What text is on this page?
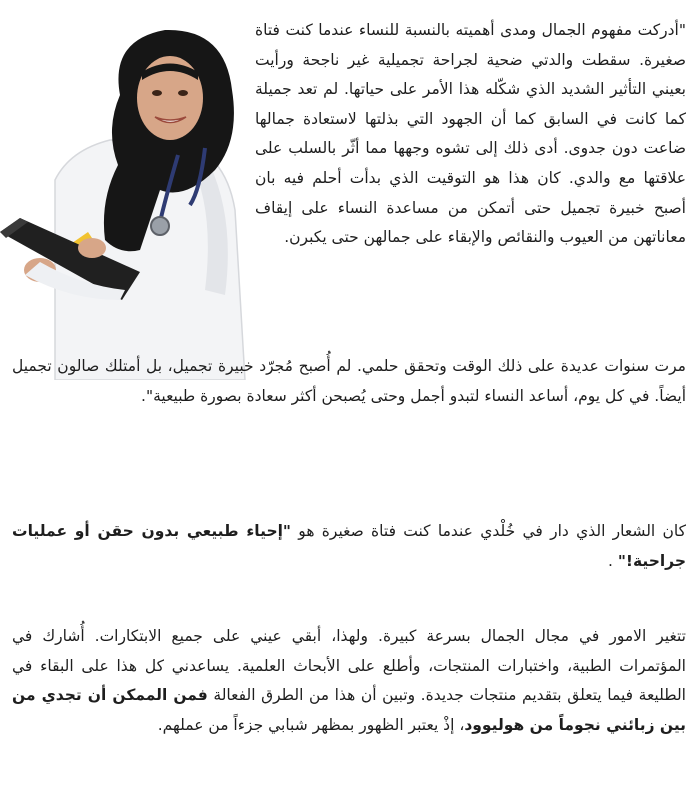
"أدركت مفهوم الجمال ومدى أهميته بالنسبة للنساء عندما كنت فتاة صغيرة. سقطت والدتي ضحية لجراحة تجميلية غير ناجحة ورأيت بعيني التأثير الشديد الذي شكّله هذا الأمر على حياتها. لم تعد جميلة كما كانت في السابق كما أن الجهود التي بذلتها لاستعادة جمالها ضاعت دون جدوى. أدى ذلك إلى تشوه وجهها مما أثّر بالسلب على علاقتها مع والدي. كان هذا هو التوقيت الذي بدأت أحلم فيه بان أصبح خبيرة تجميل حتى أتمكن من مساعدة النساء على إيقاف معاناتهن من العيوب والنقائص والإبقاء على جمالهن حتى يكبرن.
مرت سنوات عديدة على ذلك الوقت وتحقق حلمي. لم أُصبح مُجرّد خبيرة تجميل، بل أمتلك صالون تجميل أيضاً. في كل يوم، أساعد النساء لتبدو أجمل وحتى يُصبحن أكثر سعادة بصورة طبيعية".
كان الشعار الذي دار في خُلْدي عندما كنت فتاة صغيرة هو "إحياء طبيعي بدون حقن أو عمليات جراحية!" .
تتغير الامور في مجال الجمال بسرعة كبيرة. ولهذا، أبقي عيني على جميع الابتكارات. أُشارك في المؤتمرات الطبية، واختبارات المنتجات، وأطلع على الأبحاث العلمية. يساعدني كل هذا على البقاء في الطليعة فيما يتعلق بتقديم منتجات جديدة. وتبين أن هذا من الطرق الفعالة فمن الممكن أن تجدي من بين زبائني نجوماً من هوليوود، إذْ يعتبر الظهور بمظهر شبابي جزءاً من عملهم.
